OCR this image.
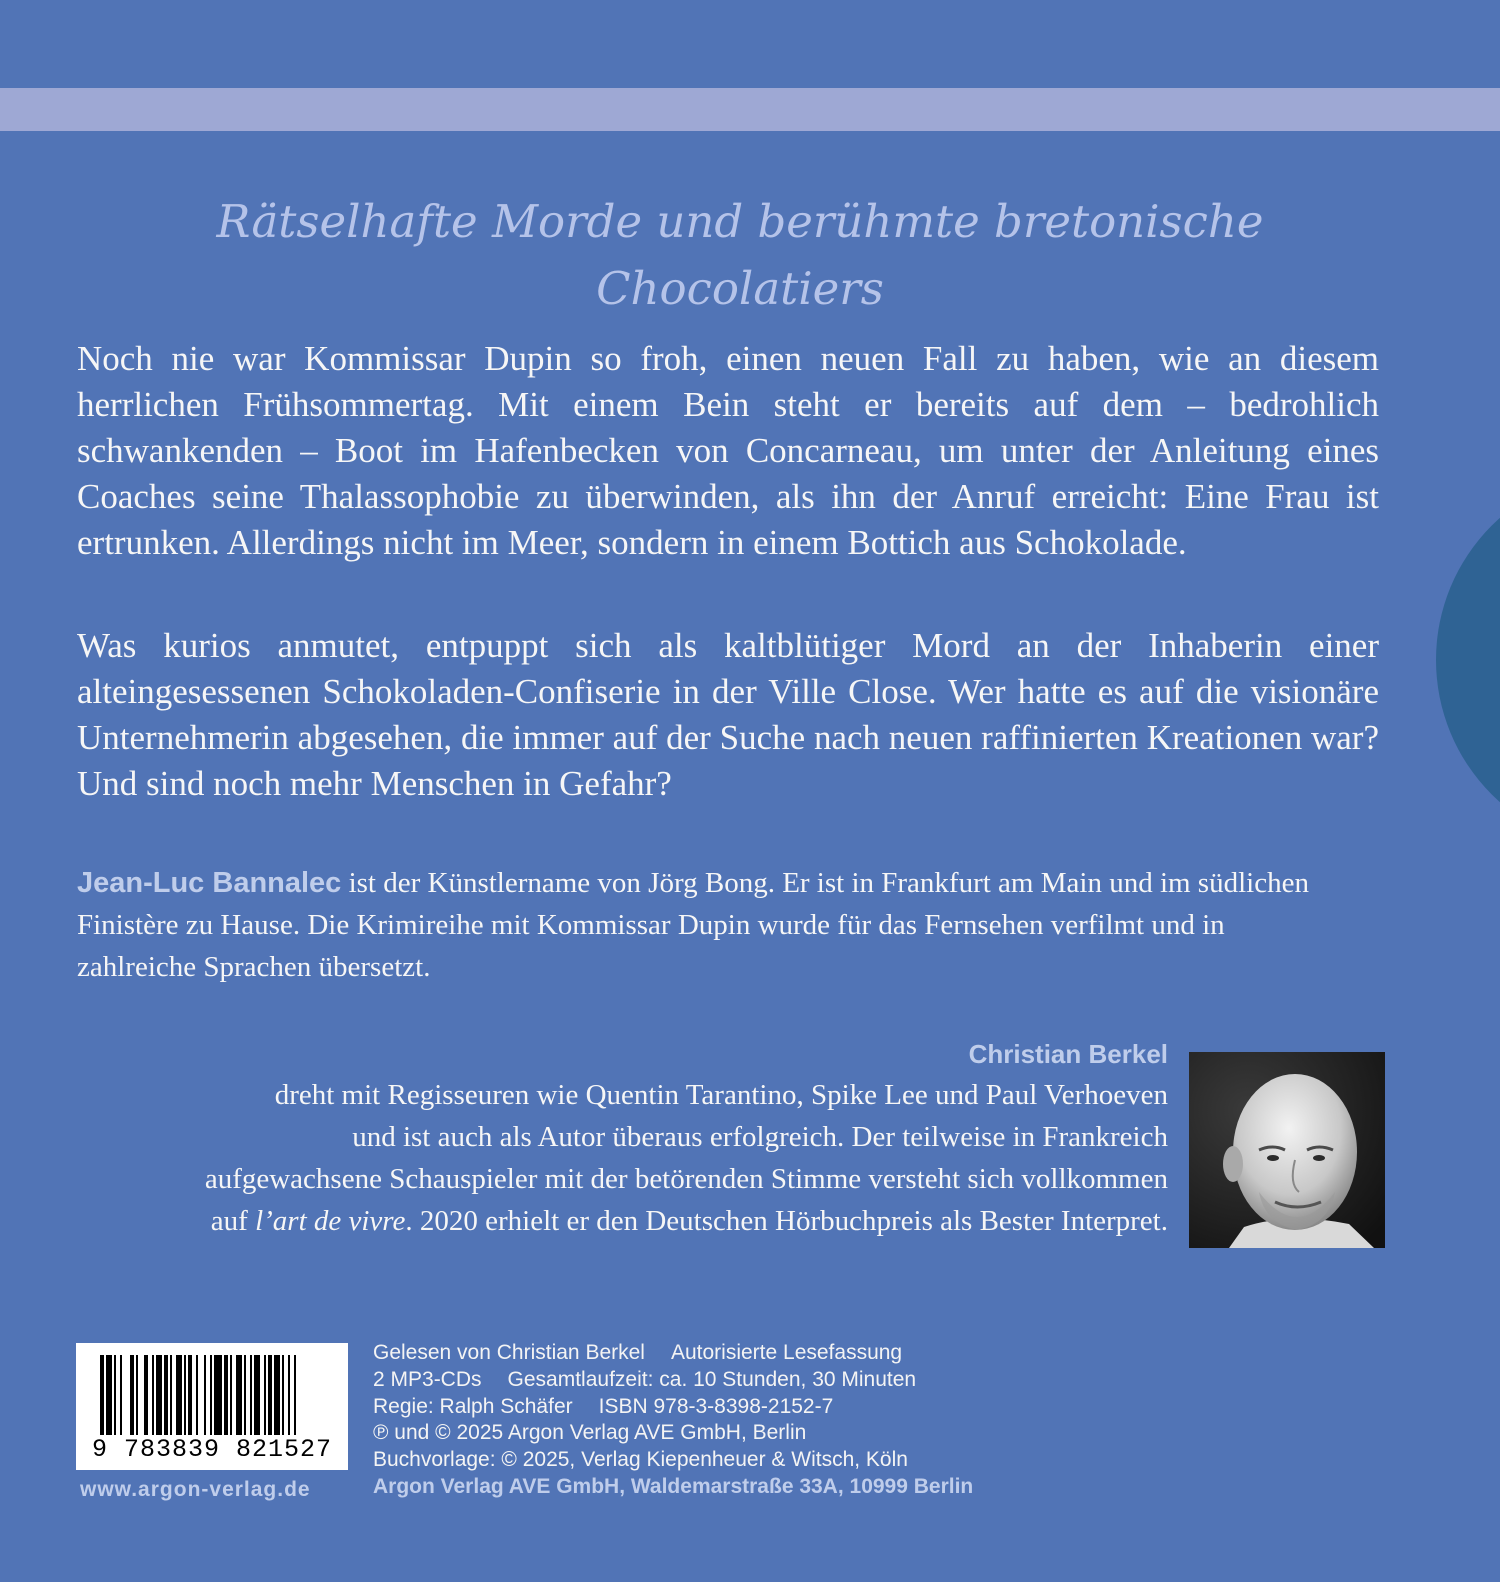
Rätselhafte Morde und berühmte bretonische
Chocolatiers

Noch nie war Kommissar Dupin so froh, einen neuen Fall zu haben, wie an diesem herrlichen Frühsommertag. Mit einem Bein steht er bereits auf dem – bedrohlich schwankenden – Boot im Hafenbecken von Concarneau, um unter der Anleitung eines Coaches seine Thalassophobie zu überwinden, als ihn der Anruf erreicht: Eine Frau ist ertrunken. Allerdings nicht im Meer, sondern in einem Bottich aus Schokolade.

Was kurios anmutet, entpuppt sich als kaltblütiger Mord an der Inhaberin einer alteingesessenen Schokoladen-Confiserie in der Ville Close. Wer hatte es auf die visionäre Unternehmerin abgesehen, die immer auf der Suche nach neuen raffinierten Kreationen war? Und sind noch mehr Menschen in Gefahr?

Jean-Luc Bannalec ist der Künstlername von Jörg Bong. Er ist in Frankfurt am Main und im südlichen Finistère zu Hause. Die Krimireihe mit Kommissar Dupin wurde für das Fernsehen verfilmt und in zahlreiche Sprachen übersetzt.

Christian Berkel
dreht mit Regisseuren wie Quentin Tarantino, Spike Lee und Paul Verhoeven
und ist auch als Autor überaus erfolgreich. Der teilweise in Frankreich
aufgewachsene Schauspieler mit der betörenden Stimme versteht sich vollkommen
auf l’art de vivre. 2020 erhielt er den Deutschen Hörbuchpreis als Bester Interpret.
9 783839 821527

www.argon-verlag.de

Gelesen von Christian Berkel Autorisierte Lesefassung
2 MP3-CDs Gesamtlaufzeit: ca. 10 Stunden, 30 Minuten
Regie: Ralph Schäfer ISBN 978-3-8398-2152-7
℗ und © 2025 Argon Verlag AVE GmbH, Berlin
Buchvorlage: © 2025, Verlag Kiepenheuer & Witsch, Köln
Argon Verlag AVE GmbH, Waldemarstraße 33A, 10999 Berlin
